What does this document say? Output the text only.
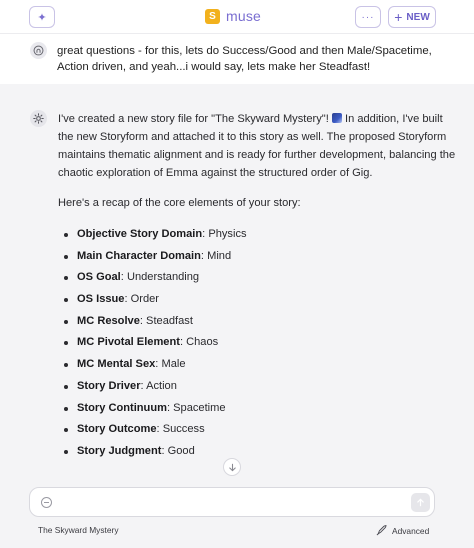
✦	S muse	··· + NEW
great questions - for this, lets do Success/Good and then Male/Spacetime, Action driven, and yeah...i would say, lets make her Steadfast!

I've created a new story file for "The Skyward Mystery"! In addition, I've built the new Storyform and attached it to this story as well. The proposed Storyform maintains thematic alignment and is ready for further development, balancing the chaotic exploration of Emma against the structured order of Gig.

Here's a recap of the core elements of your story:

Objective Story Domain: Physics
Main Character Domain: Mind
OS Goal: Understanding
OS Issue: Order
MC Resolve: Steadfast
MC Pivotal Element: Chaos
MC Mental Sex: Male
Story Driver: Action
Story Continuum: Spacetime
Story Outcome: Success
Story Judgment: Good
The Skyward Mystery	Advanced
